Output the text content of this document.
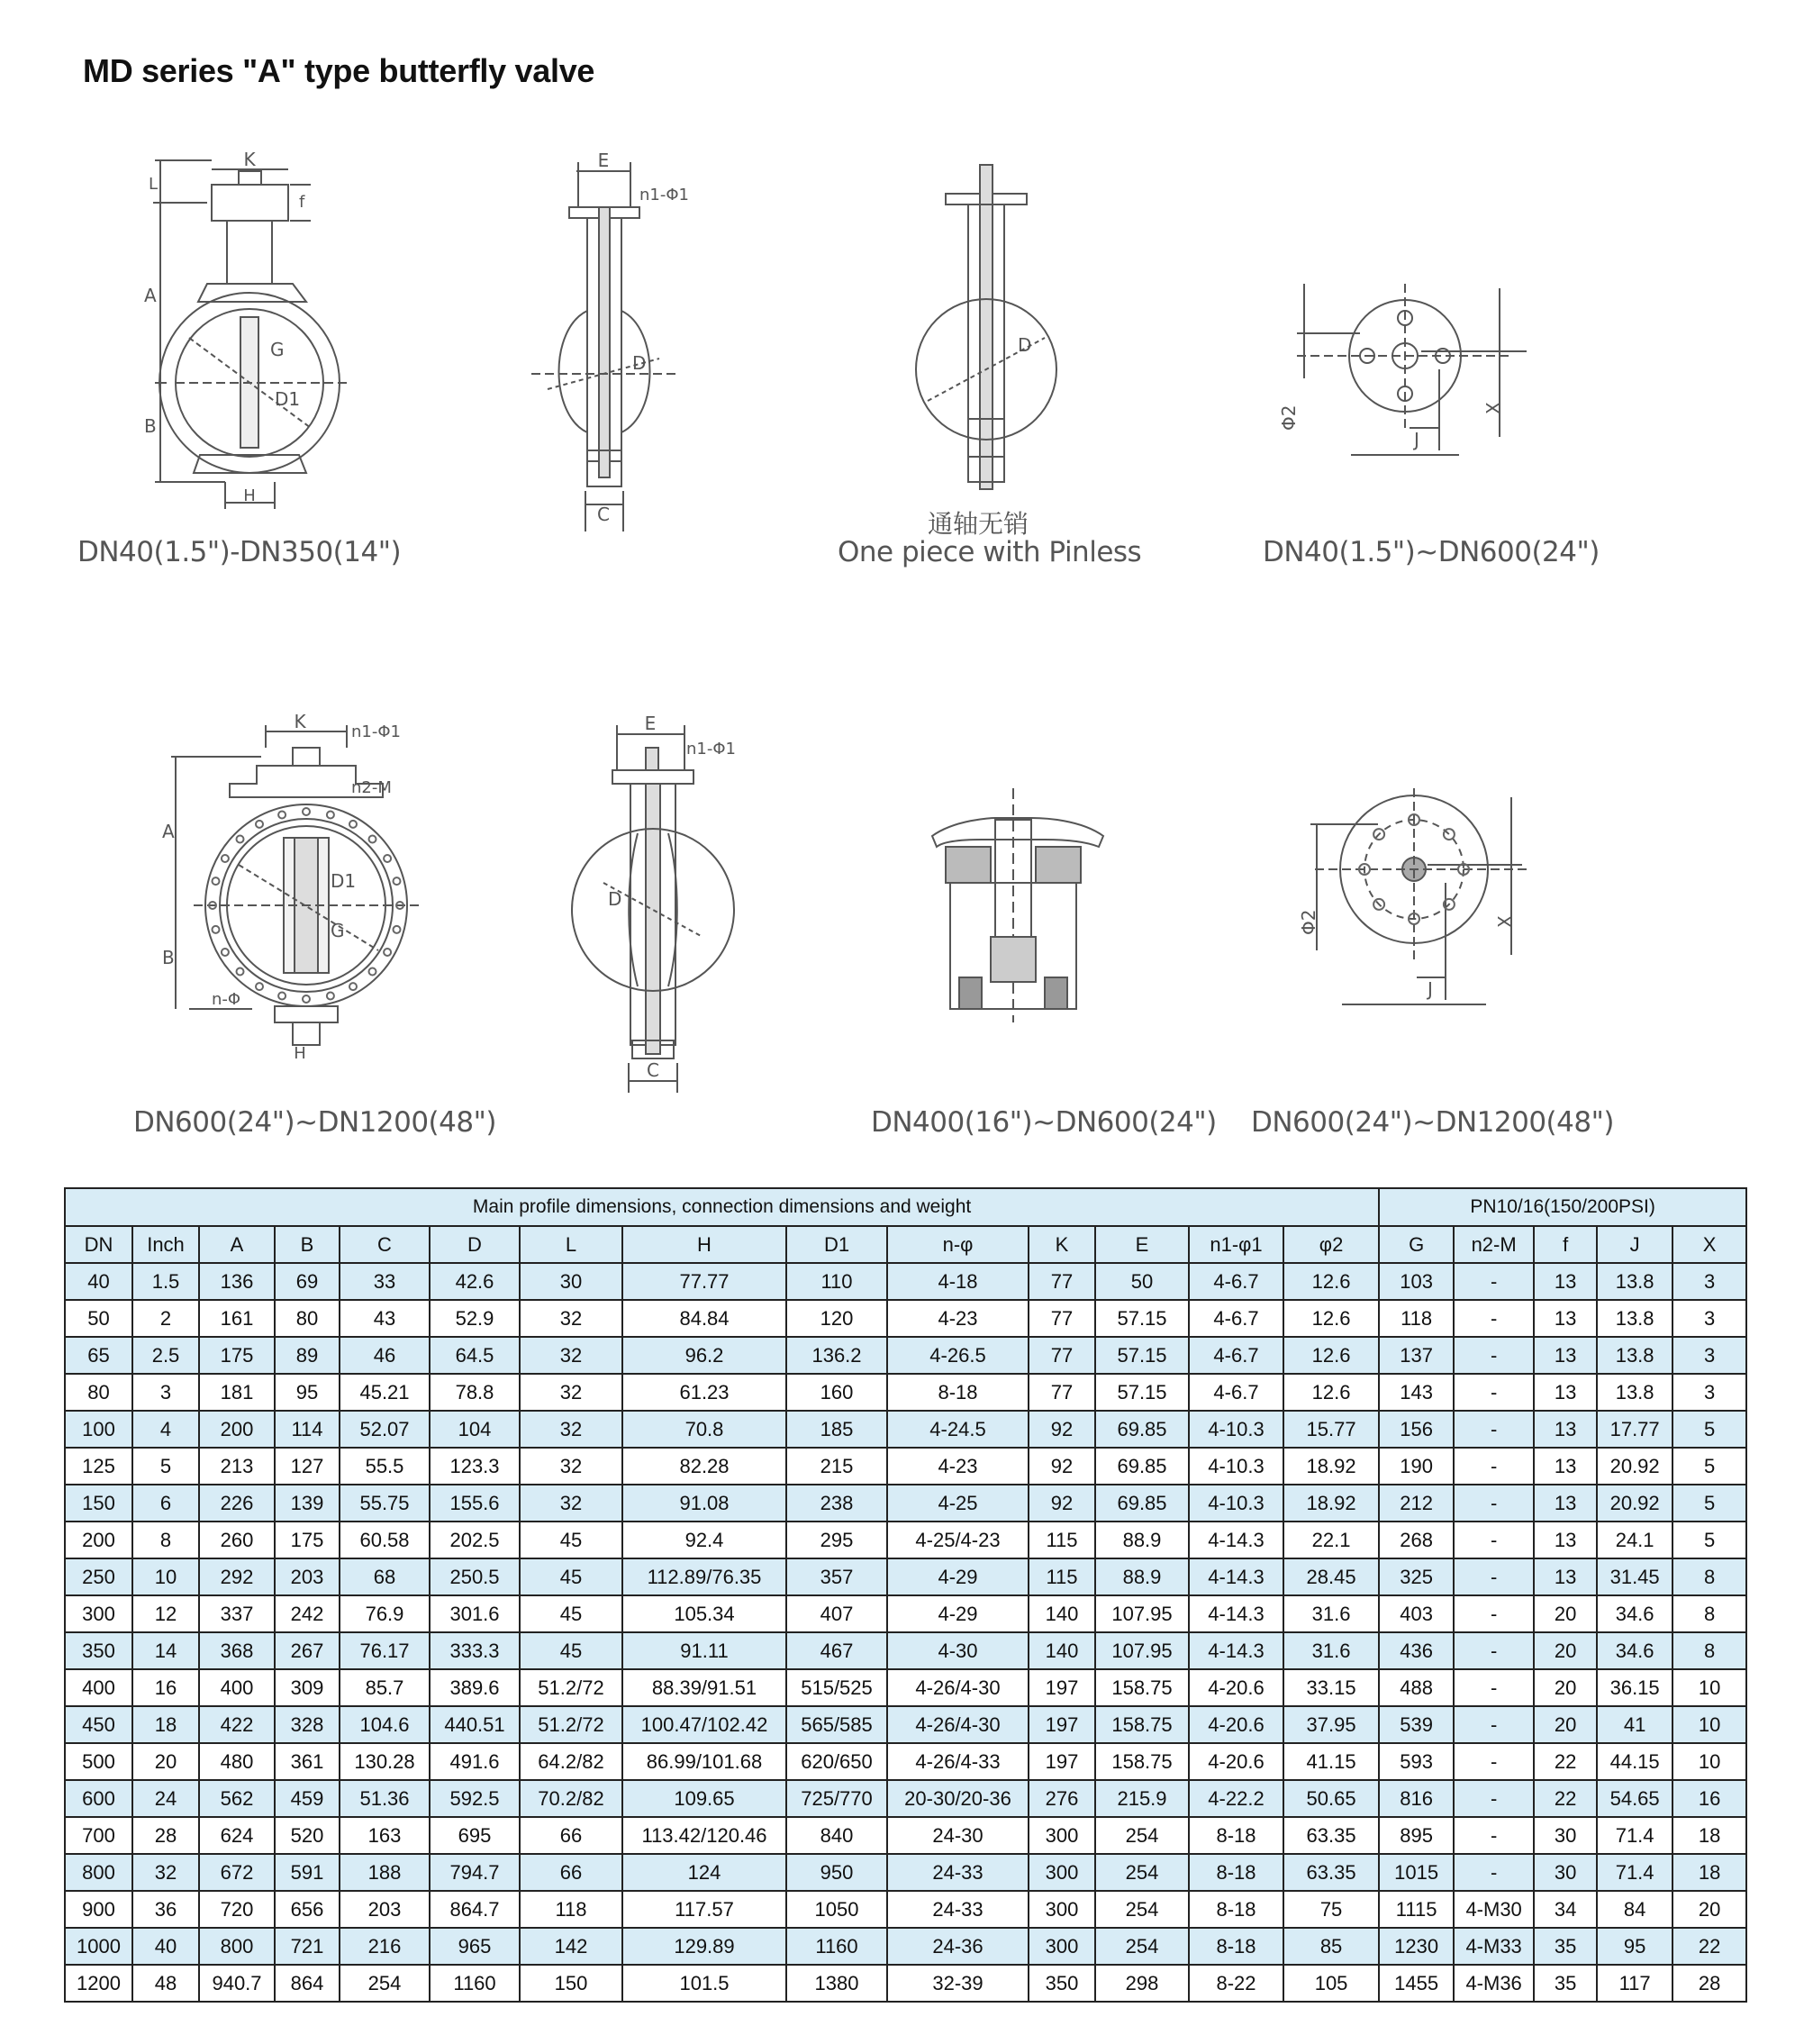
MD series "A" type butterfly valve
K
L
f
A
B
G
D1
H
DN40(1.5")-DN350(14")
E
n1-Φ1
D
C
D
通轴无销
One piece with Pinless
Φ2
J
X
DN40(1.5")~DN600(24")
K	n1-Φ1
n2-M
A
B
D1
G
n-Φ
H
DN600(24")~DN1200(48")
E
n1-Φ1
D
C
DN400(16")~DN600(24")
Φ2
J
X
DN600(24")~DN1200(48")
Main profile dimensions, connection dimensions and weight														PN10/16(150/200PSI)				
DN	Inch	A	B	C	D	L	H	D1	n-φ	K	E	n1-φ1	φ2	G	n2-M	f	J	X
40	1.5	136	69	33	42.6	30	77.77	110	4-18	77	50	4-6.7	12.6	103	-	13	13.8	3
50	2	161	80	43	52.9	32	84.84	120	4-23	77	57.15	4-6.7	12.6	118	-	13	13.8	3
65	2.5	175	89	46	64.5	32	96.2	136.2	4-26.5	77	57.15	4-6.7	12.6	137	-	13	13.8	3
80	3	181	95	45.21	78.8	32	61.23	160	8-18	77	57.15	4-6.7	12.6	143	-	13	13.8	3
100	4	200	114	52.07	104	32	70.8	185	4-24.5	92	69.85	4-10.3	15.77	156	-	13	17.77	5
125	5	213	127	55.5	123.3	32	82.28	215	4-23	92	69.85	4-10.3	18.92	190	-	13	20.92	5
150	6	226	139	55.75	155.6	32	91.08	238	4-25	92	69.85	4-10.3	18.92	212	-	13	20.92	5
200	8	260	175	60.58	202.5	45	92.4	295	4-25/4-23	115	88.9	4-14.3	22.1	268	-	13	24.1	5
250	10	292	203	68	250.5	45	112.89/76.35	357	4-29	115	88.9	4-14.3	28.45	325	-	13	31.45	8
300	12	337	242	76.9	301.6	45	105.34	407	4-29	140	107.95	4-14.3	31.6	403	-	20	34.6	8
350	14	368	267	76.17	333.3	45	91.11	467	4-30	140	107.95	4-14.3	31.6	436	-	20	34.6	8
400	16	400	309	85.7	389.6	51.2/72	88.39/91.51	515/525	4-26/4-30	197	158.75	4-20.6	33.15	488	-	20	36.15	10
450	18	422	328	104.6	440.51	51.2/72	100.47/102.42	565/585	4-26/4-30	197	158.75	4-20.6	37.95	539	-	20	41	10
500	20	480	361	130.28	491.6	64.2/82	86.99/101.68	620/650	4-26/4-33	197	158.75	4-20.6	41.15	593	-	22	44.15	10
600	24	562	459	51.36	592.5	70.2/82	109.65	725/770	20-30/20-36	276	215.9	4-22.2	50.65	816	-	22	54.65	16
700	28	624	520	163	695	66	113.42/120.46	840	24-30	300	254	8-18	63.35	895	-	30	71.4	18
800	32	672	591	188	794.7	66	124	950	24-33	300	254	8-18	63.35	1015	-	30	71.4	18
900	36	720	656	203	864.7	118	117.57	1050	24-33	300	254	8-18	75	1115	4-M30	34	84	20
1000	40	800	721	216	965	142	129.89	1160	24-36	300	254	8-18	85	1230	4-M33	35	95	22
1200	48	940.7	864	254	1160	150	101.5	1380	32-39	350	298	8-22	105	1455	4-M36	35	117	28
